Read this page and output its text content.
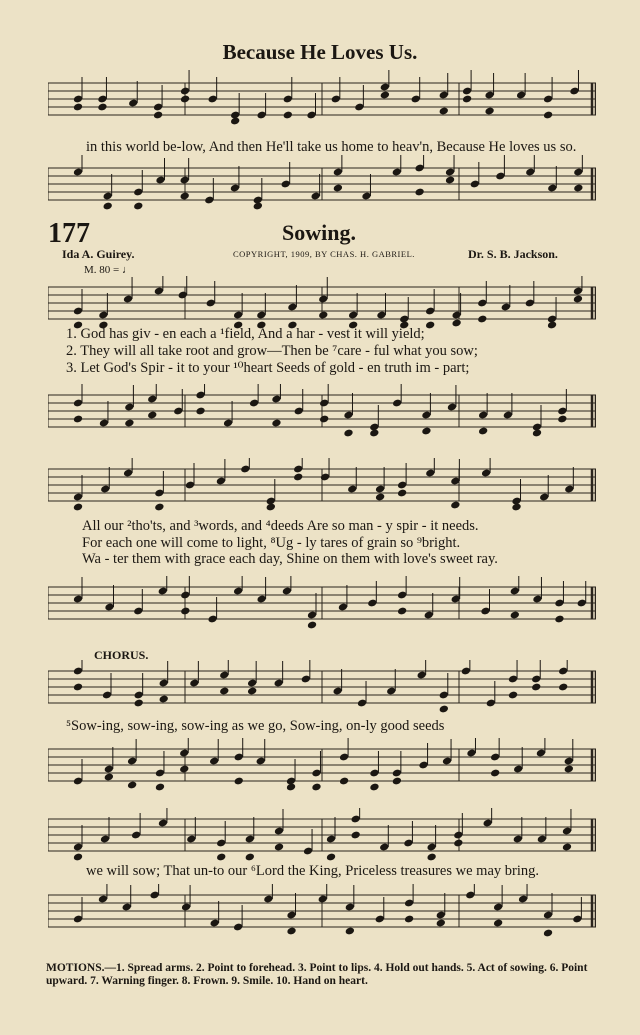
Because He Loves Us.
in this world be-low, And then He'll take us home to heav'n, Because He loves us so.
177	Sowing.
Ida A. Guirey.	COPYRIGHT, 1909, BY CHAS. H. GABRIEL.	Dr. S. B. Jackson.
M. 80 = ♩
1. God has giv - en each a ¹field, And a har - vest it will yield;
2. They will all take root and grow—Then be ⁷care - ful what you sow;
3. Let God's Spir - it to your ¹⁰heart Seeds of gold - en truth im - part;
All our ²tho'ts, and ³words, and ⁴deeds Are so man - y spir - it needs.
For each one will come to light, ⁸Ug - ly tares of grain so ⁹bright.
Wa - ter them with grace each day, Shine on them with love's sweet ray.
CHORUS.
⁵Sow-ing, sow-ing, sow-ing as we go, Sow-ing, on-ly good seeds
we will sow; That un-to our ⁶Lord the King, Priceless treasures we may bring.
MOTIONS.—1. Spread arms. 2. Point to forehead. 3. Point to lips. 4. Hold out hands. 5. Act of sowing. 6. Point upward. 7. Warning finger. 8. Frown. 9. Smile. 10. Hand on heart.
